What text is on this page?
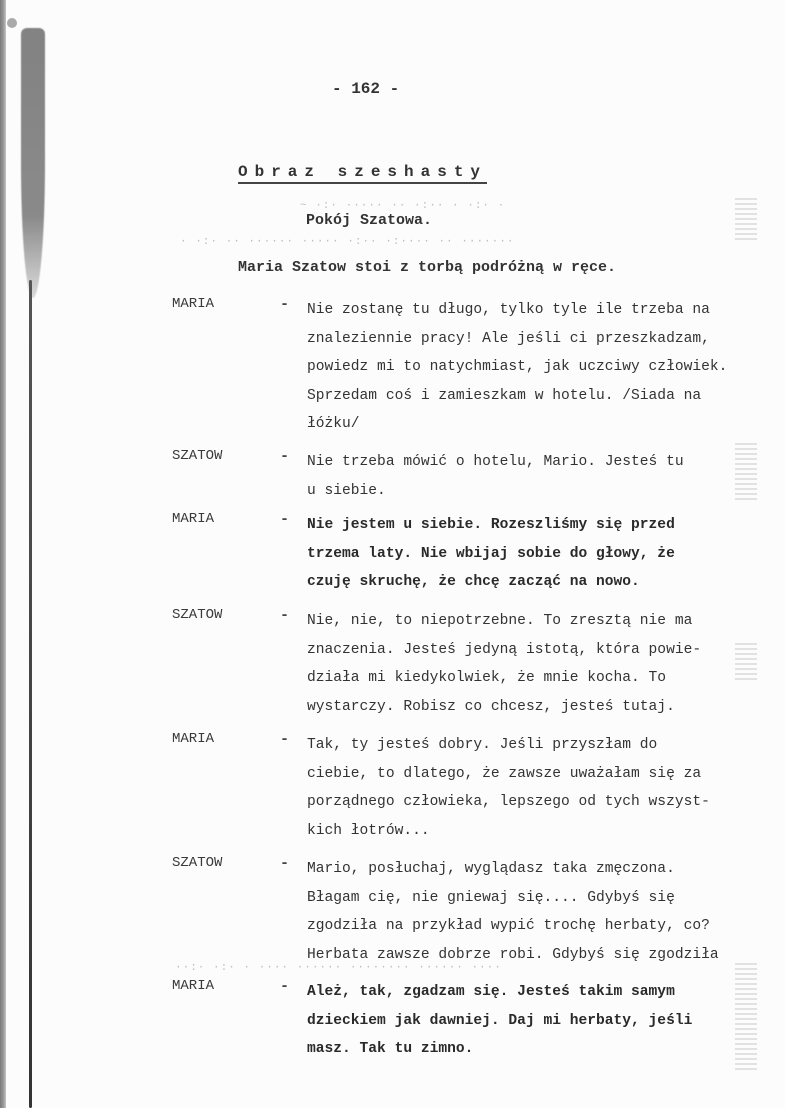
~ ·:· ····· ·· ·:·· · ·:· ·
· ·:· ·· ······ ····· ·:·· ·:···· ·· ·······
··:· ·:· · ···· ······ ········ ······ ····
- 162 -
Obraz szeshasty
Pokój Szatowa.
Maria Szatow stoi z torbą podróżną w ręce.
MARIA	- Nie zostanę tu długo, tylko tyle ile trzeba na
znaleziennie pracy! Ale jeśli ci przeszkadzam,
powiedz mi to natychmiast, jak uczciwy człowiek.
Sprzedam coś i zamieszkam w hotelu. /Siada na
łóżku/
SZATOW	- Nie trzeba mówić o hotelu, Mario. Jesteś tu
u siebie.
MARIA	- Nie jestem u siebie. Rozeszliśmy się przed
trzema laty. Nie wbijaj sobie do głowy, że
czuję skruchę, że chcę zacząć na nowo.
SZATOW	- Nie, nie, to niepotrzebne. To zresztą nie ma
znaczenia. Jesteś jedyną istotą, która powie-
działa mi kiedykolwiek, że mnie kocha. To
wystarczy. Robisz co chcesz, jesteś tutaj.
MARIA	- Tak, ty jesteś dobry. Jeśli przyszłam do
ciebie, to dlatego, że zawsze uważałam się za
porządnego człowieka, lepszego od tych wszyst-
kich łotrów...
SZATOW	- Mario, posłuchaj, wyglądasz taka zmęczona.
Błagam cię, nie gniewaj się.... Gdybyś się
zgodziła na przykład wypić trochę herbaty, co?
Herbata zawsze dobrze robi. Gdybyś się zgodziła
MARIA	- Ależ, tak, zgadzam się. Jesteś takim samym
dzieckiem jak dawniej. Daj mi herbaty, jeśli
masz. Tak tu zimno.
